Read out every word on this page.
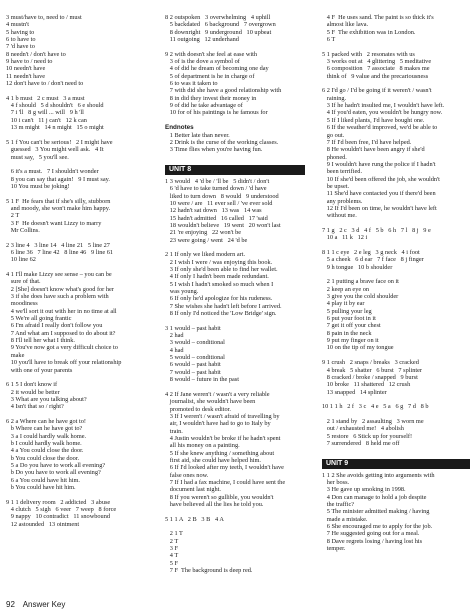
3 must/have to, need to / must
4 mustn't
5 having to
6 to have to
7 'd have to
8 needn't / don't have to
9 have to / need to
10 needn't have
11 needn't have
12 don't have to / don't need to
4 1 b must   2 c must   3 a must
4 f should   5 d shouldn't   6 e should
7 i 'll   8 g will ... will   9 h 'll
10 i can't   11 j can't   12 k can
13 m might   14 n might   15 o might
5 1 f You can't be serious!   2 I might have
guessed   3 You might well ask.   4 It
must say,   5 you'll see.
6 it's a must.   7 I shouldn't wonder
8 you can say that again!   9 I must say.
10 You must be joking!
5 1 F  He fears that if she's silly, stubborn
and moody, she won't make him happy.
2 T
3 F  He doesn't want Lizzy to marry
Mr Collins.
2 3 line 4   3 line 14   4 line 21   5 line 27
6 line 36   7 line 42   8 line 46   9 line 61
10 line 62
4 1 I'll make Lizzy see sense – you can be
sure of that.
2 [She] doesn't know what's good for her
3 if she does have such a problem with
moodiness
4 we'll sort it out with her in no time at all
5 We're all going frantic
6 I'm afraid I really don't follow you
7 And what am I supposed to do about it?
8 I'll tell her what I think.
9 You've now got a very difficult choice to
make
10 you'll have to break off your relationship
with one of your parents
6 1 5 I don't know if
2 it would be better
3 What are you talking about?
4 Isn't that so / right?
6 2 a Where can he have got to!
b Where can he have got to?
3 a I could hardly walk home.
b I could hardly walk home.
4 a You could close the door.
b You could close the door.
5 a Do you have to work all evening?
b Do you have to work all evening?
6 a You could have hit him.
b You could have hit him.
9 1 1 delivery room   2 addicted   3 abuse
4 clutch   5 sigh   6 veer   7 weep   8 force
9 nappy   10 contradict   11 snowbound
12 astounded   13 ointment
8 2 outspoken   3 overwhelming   4 uphill
5 backdated   6 background   7 overgrown
8 downright   9 underground   10 upbeat
11 outgoing   12 underhand
9 2 with doesn't she feel at ease with
3 of is the dove a symbol of
4 of did he dream of becoming one day
5 of department is he in charge of
6 to was it taken to
7 with did she have a good relationship with
8 in did they invest their money in
9 of did he take advantage of
10 for of his paintings is he famous for
Endnotes
1 Better late than never.
2 Drink is the curse of the working classes.
3 Time flies when you're having fun.
UNIT 8
1 3 would   4 'd be / 'll be   5 didn't / don't
6 'd have to take turned down / 'd have
liked to turn down   8 would   9 understood
10 were / are   11 ever sell / 've ever sold
12 hadn't sat down   13 was   14 was
15 hadn't admitted   16 called   17 'said
18 wouldn't believe   19 went   20 won't last
21 're enjoying   22 won't be
23 were going / went   24 'd be
2 1 If only we liked modern art.
2 I wish I were / was enjoying this book.
3 If only she'd been able to find her wallet.
4 If only I hadn't been made redundant.
5 I wish I hadn't smoked so much when I
was young.
6 If only he'd apologize for his rudeness.
7 She wishes she hadn't left before I arrived.
8 If only I'd noticed the 'Low Bridge' sign.
3 1 would – past habit
2 had
3 would – conditional
4 had
5 would – conditional
6 would – past habit
7 would – past habit
8 would – future in the past
4 2 If Jane weren't / wasn't a very reliable
journalist, she wouldn't have been
promoted to desk editor.
3 If I weren't / wasn't afraid of travelling by
air, I wouldn't have had to go to Italy by
train.
4 Justin wouldn't be broke if he hadn't spent
all his money on a painting.
5 If she knew anything / something about
first aid, she could have helped him.
6 If I'd looked after my teeth, I wouldn't have
false ones now.
7 If I had a fax machine, I could have sent the
document last night.
8 If you weren't so gullible, you wouldn't
have believed all the lies he told you.
5 1 1 A   2 B   3 B   4 A
2 1 T
2 T
3 F
4 T
5 F
7 F  The background is deep red.
4 F  He uses sand. The paint is so thick it's
almost like lava.
5 F  The exhibition was in London.
6 T
5 1 packed with   2 resonates with us
3 works out at   4 glittering   5 meditative
6 composition   7 associate   8 makes me
think of   9 value and the precariousness
6 2 I'd go / I'd be going if it weren't / wasn't
raining.
3 If he hadn't insulted me, I wouldn't have left.
4 If you'd eaten, you wouldn't be hungry now.
5 If I liked plants, I'd have bought one.
6 If the weather'd improved, we'd be able to
go out.
7 If I'd been free, I'd have helped.
8 He wouldn't have been angry if she'd
phoned.
9 I wouldn't have rung the police if I hadn't
been terrified.
10 If she'd been offered the job, she wouldn't
be upset.
11 She'd have contacted you if there'd been
any problems.
12 If I'd been on time, he wouldn't have left
without me.
7 1 g   2 c   3 d   4 f   5 b   6 h   7 l   8 j   9 e
10 a   11 k   12 i
8 1 1 c eye   2 e leg   3 g neck   4 i foot
5 a cheek   6 d ear   7 f face   8 j finger
9 h tongue   10 b shoulder
2 1 putting a brave face on it
2 keep an eye on
3 give you the cold shoulder
4 play it by ear
5 pulling your leg
6 put your foot in it
7 get it off your chest
8 pain in the neck
9 put my finger on it
10 on the tip of my tongue
9 1 crush   2 snaps / breaks   3 cracked
4 break   5 shatter   6 burst   7 splinter
8 cracked / broke / snapped   9 burst
10 broke   11 shattered   12 crush
13 snapped   14 splinter
10 1 1 h   2 f   3 c   4 e   5 a   6 g   7 d   8 b
2 1 stand by   2 assaulting   3 worn me
out / exhausted me!   4 abolish
5 restore   6 Stick up for yourself!
7 surrendered   8 held me off
UNIT 9
1 1 2 She avoids getting into arguments with
her boss.
3 He gave up smoking in 1998.
4 Don can manage to hold a job despite
the traffic?
5 The minister admitted making / having
made a mistake.
6 She encouraged me to apply for the job.
7 He suggested going out for a meal.
8 Dave regrets losing / having lost his
temper.
92 Answer Key
